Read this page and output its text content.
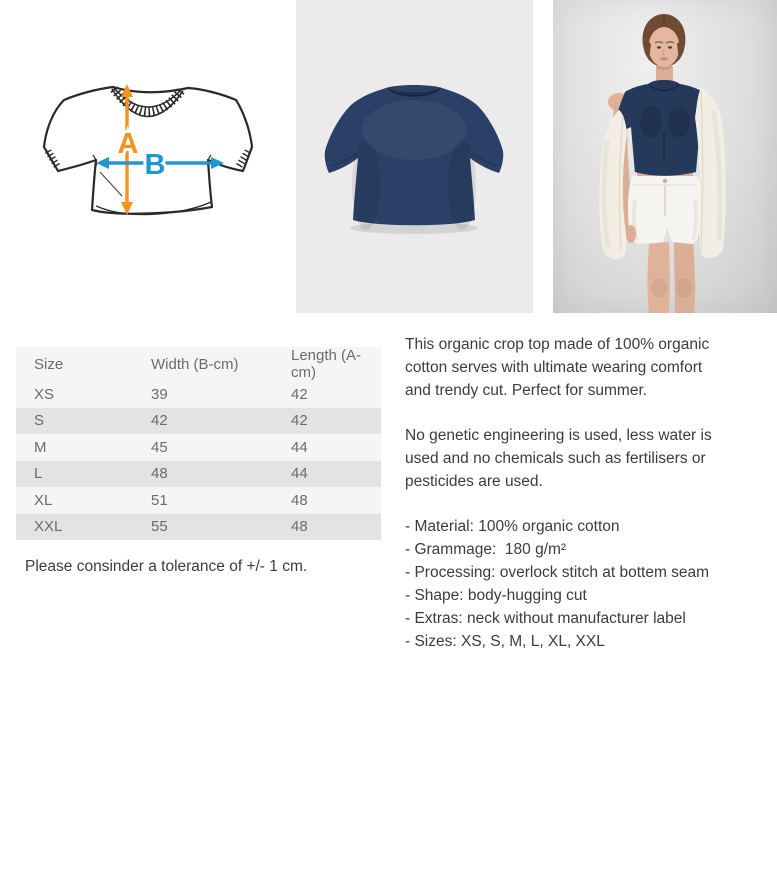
A
B
Size	Width (B-cm)	Length (A-cm)
XS	39	42
S	42	42
M	45	44
L	48	44
XL	51	48
XXL	55	48
Please consinder a tolerance of +/- 1 cm.
This organic crop top made of 100% organic
cotton serves with ultimate wearing comfort
and trendy cut. Perfect for summer.
No genetic engineering is used, less water is
used and no chemicals such as fertilisers or
pesticides are used.
- Material: 100% organic cotton
- Grammage:  180 g/m²
- Processing: overlock stitch at bottem seam
- Shape: body-hugging cut
- Extras: neck without manufacturer label
- Sizes: XS, S, M, L, XL, XXL
